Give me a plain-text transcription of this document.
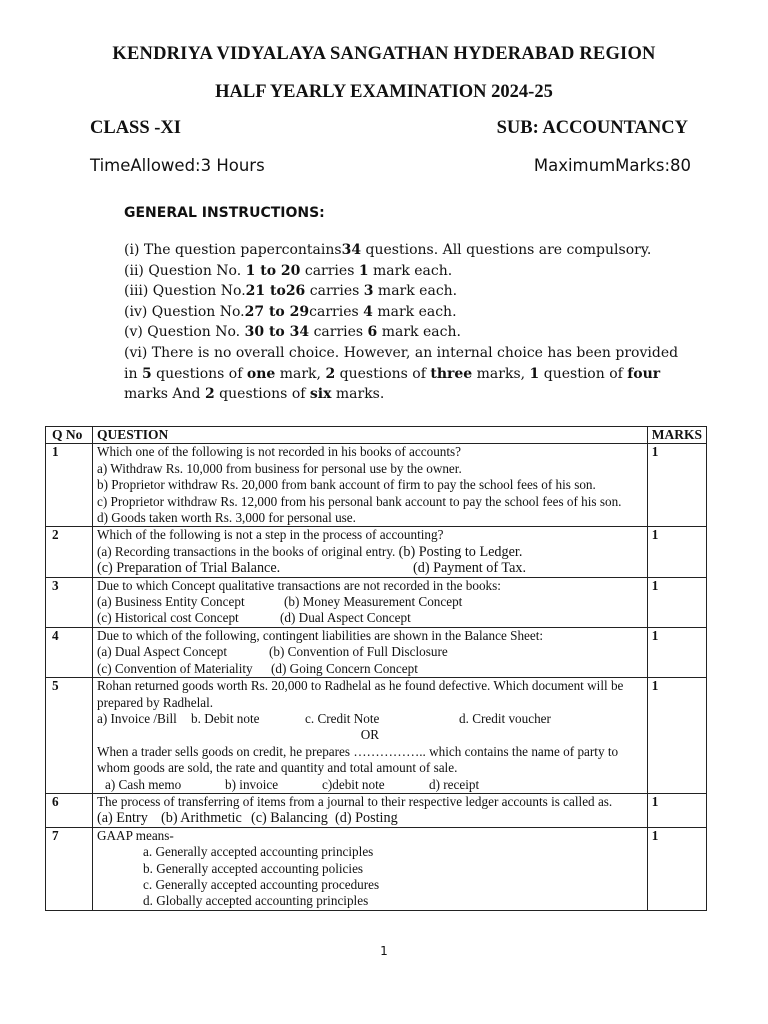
KENDRIYA VIDYALAYA SANGATHAN HYDERABAD REGION
HALF YEARLY EXAMINATION 2024-25
CLASS -XI	SUB: ACCOUNTANCY
TimeAllowed:3 Hours	MaximumMarks:80
GENERAL INSTRUCTIONS:
(i) The question papercontains34 questions. All questions are compulsory.
(ii) Question No. 1 to 20 carries 1 mark each.
(iii) Question No.21 to26 carries 3 mark each.
(iv) Question No.27 to 29carries 4 mark each.
(v) Question No. 30 to 34 carries 6 mark each.
(vi) There is no overall choice. However, an internal choice has been provided in 5 questions of one mark, 2 questions of three marks, 1 question of four marks And 2 questions of six marks.
Q No	QUESTION	MARKS
1	Which one of the following is not recorded in his books of accounts?
a) Withdraw Rs. 10,000 from business for personal use by the owner.
b) Proprietor withdraw Rs. 20,000 from bank account of firm to pay the school fees of his son.
c) Proprietor withdraw Rs. 12,000 from his personal bank account to pay the school fees of his son.
d) Goods taken worth Rs. 3,000 for personal use.	1
2	Which of the following is not a step in the process of accounting?
(a) Recording transactions in the books of original entry. (b) Posting to Ledger.
(c) Preparation of Trial Balance. (d) Payment of Tax.	1
3	Due to which Concept qualitative transactions are not recorded in the books:
(a) Business Entity Concept (b) Money Measurement Concept
(c) Historical cost Concept (d) Dual Aspect Concept	1
4	Due to which of the following, contingent liabilities are shown in the Balance Sheet:
(a) Dual Aspect Concept (b) Convention of Full Disclosure
(c) Convention of Materiality (d) Going Concern Concept	1
5	Rohan returned goods worth Rs. 20,000 to Radhelal as he found defective. Which document will be prepared by Radhelal.
a) Invoice /Bill b. Debit note c. Credit Note d. Credit voucher
OR
When a trader sells goods on credit, he prepares …………….. which contains the name of party to whom goods are sold, the rate and quantity and total amount of sale.
a) Cash memo b) invoice c)debit note d) receipt	1
6	The process of transferring of items from a journal to their respective ledger accounts is called as.
(a) Entry (b) Arithmetic (c) Balancing (d) Posting	1
7	GAAP means-
a. Generally accepted accounting principles
b. Generally accepted accounting policies
c. Generally accepted accounting procedures
d. Globally accepted accounting principles	1
1
